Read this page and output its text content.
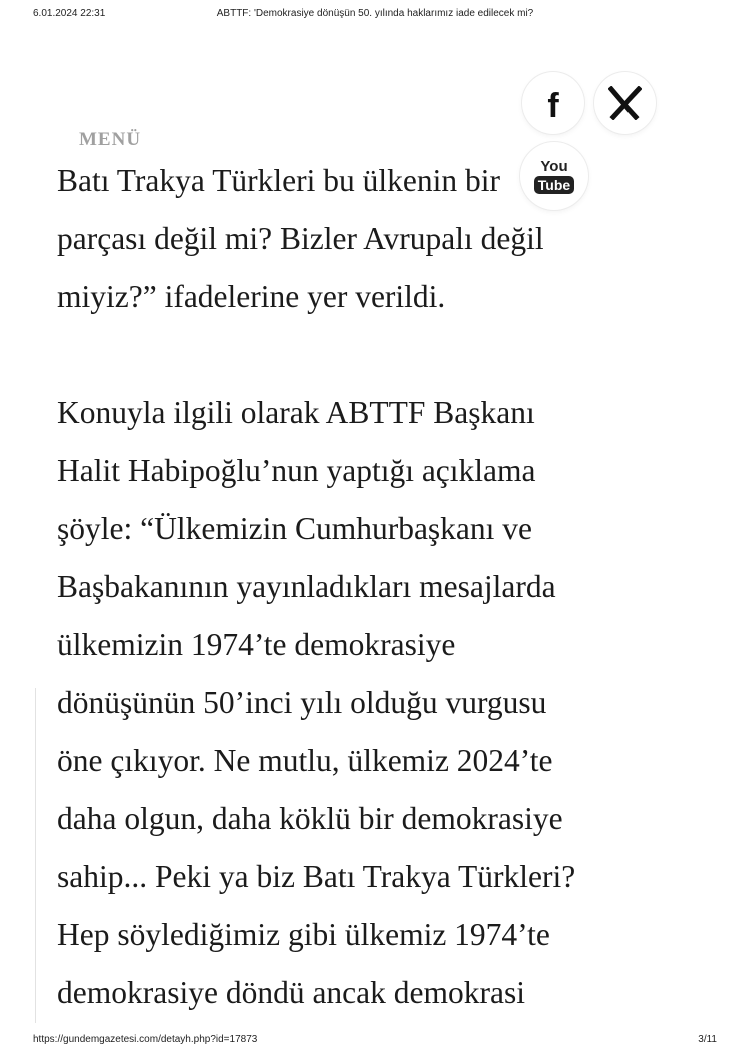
6.01.2024 22:31	ABTTF: 'Demokrasiye dönüşün 50. yılında haklarımız iade edilecek mi?

Batı Trakya Türkleri bu ülkenin bir

parçası değil mi? Bizler Avrupalı değil

miyiz?” ifadelerine yer verildi.

Konuyla ilgili olarak ABTTF Başkanı

Halit Habipoğlu’nun yaptığı açıklama

şöyle: “Ülkemizin Cumhurbaşkanı ve

Başbakanının yayınladıkları mesajlarda

ülkemizin 1974’te demokrasiye

dönüşünün 50’inci yılı olduğu vurgusu

öne çıkıyor. Ne mutlu, ülkemiz 2024’te

daha olgun, daha köklü bir demokrasiye

sahip... Peki ya biz Batı Trakya Türkleri?

Hep söylediğimiz gibi ülkemiz 1974’te

demokrasiye döndü ancak demokrasi

MENÜ
f
You
Tube
https://gundemgazetesi.com/detayh.php?id=17873	3/11
